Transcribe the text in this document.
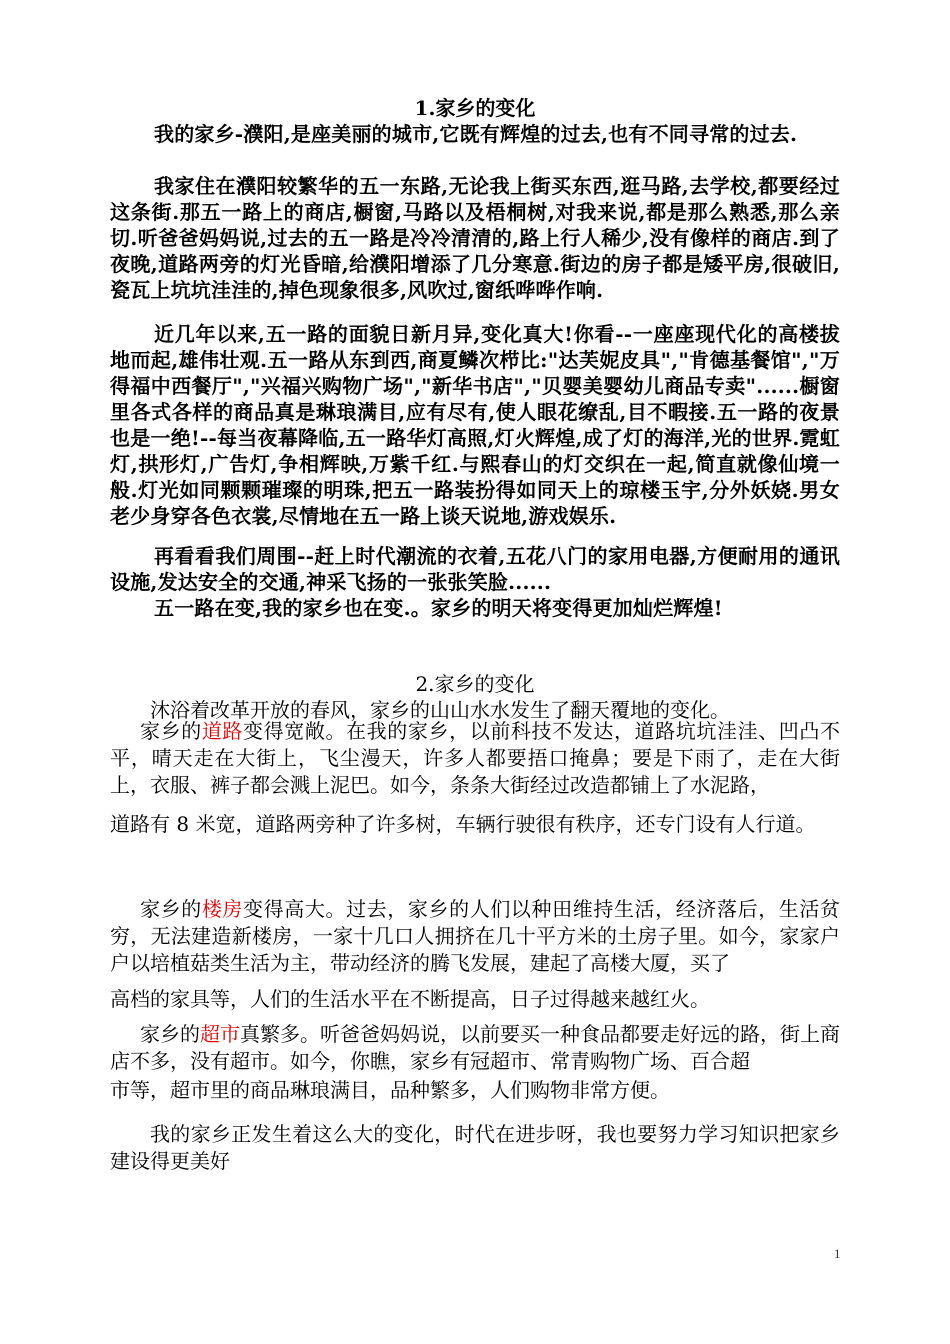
1.家乡的变化
我的家乡-濮阳,是座美丽的城市,它既有辉煌的过去,也有不同寻常的过去.
我家住在濮阳较繁华的五一东路,无论我上街买东西,逛马路,去学校,都要经过这条街.那五一路上的商店,橱窗,马路以及梧桐树,对我来说,都是那么熟悉,那么亲切.听爸爸妈妈说,过去的五一路是冷冷清清的,路上行人稀少,没有像样的商店.到了夜晚,道路两旁的灯光昏暗,给濮阳增添了几分寒意.街边的房子都是矮平房,很破旧,瓷瓦上坑坑洼洼的,掉色现象很多,风吹过,窗纸哗哗作响.
近几年以来,五一路的面貌日新月异,变化真大!你看--一座座现代化的高楼拔地而起,雄伟壮观.五一路从东到西,商夏鳞次栉比:"达芙妮皮具","肯德基餐馆","万得福中西餐厅","兴福兴购物广场","新华书店","贝婴美婴幼儿商品专卖"......橱窗里各式各样的商品真是琳琅满目,应有尽有,使人眼花缭乱,目不暇接.五一路的夜景也是一绝!--每当夜幕降临,五一路华灯高照,灯火辉煌,成了灯的海洋,光的世界.霓虹灯,拱形灯,广告灯,争相辉映,万紫千红.与熙春山的灯交织在一起,简直就像仙境一般.灯光如同颗颗璀璨的明珠,把五一路装扮得如同天上的琼楼玉宇,分外妖娆.男女老少身穿各色衣裳,尽情地在五一路上谈天说地,游戏娱乐.
再看看我们周围--赶上时代潮流的衣着,五花八门的家用电器,方便耐用的通讯设施,发达安全的交通,神采飞扬的一张张笑脸......
五一路在变,我的家乡也在变.。家乡的明天将变得更加灿烂辉煌!
2.家乡的变化
沐浴着改革开放的春风，家乡的山山水水发生了翻天覆地的变化。
家乡的道路变得宽敞。在我的家乡，以前科技不发达，道路坑坑洼洼、凹凸不平，晴天走在大街上，飞尘漫天，许多人都要捂口掩鼻；要是下雨了，走在大街上，衣服、裤子都会溅上泥巴。如今，条条大街经过改造都铺上了水泥路，
道路有 8 米宽，道路两旁种了许多树，车辆行驶很有秩序，还专门设有人行道。
家乡的楼房变得高大。过去，家乡的人们以种田维持生活，经济落后，生活贫穷，无法建造新楼房，一家十几口人拥挤在几十平方米的土房子里。如今，家家户户以培植菇类生活为主，带动经济的腾飞发展，建起了高楼大厦，买了
高档的家具等，人们的生活水平在不断提高，日子过得越来越红火。
家乡的超市真繁多。听爸爸妈妈说，以前要买一种食品都要走好远的路，街上商店不多，没有超市。如今，你瞧，家乡有冠超市、常青购物广场、百合超
市等，超市里的商品琳琅满目，品种繁多，人们购物非常方便。
我的家乡正发生着这么大的变化，时代在进步呀，我也要努力学习知识把家乡建设得更美好
1
